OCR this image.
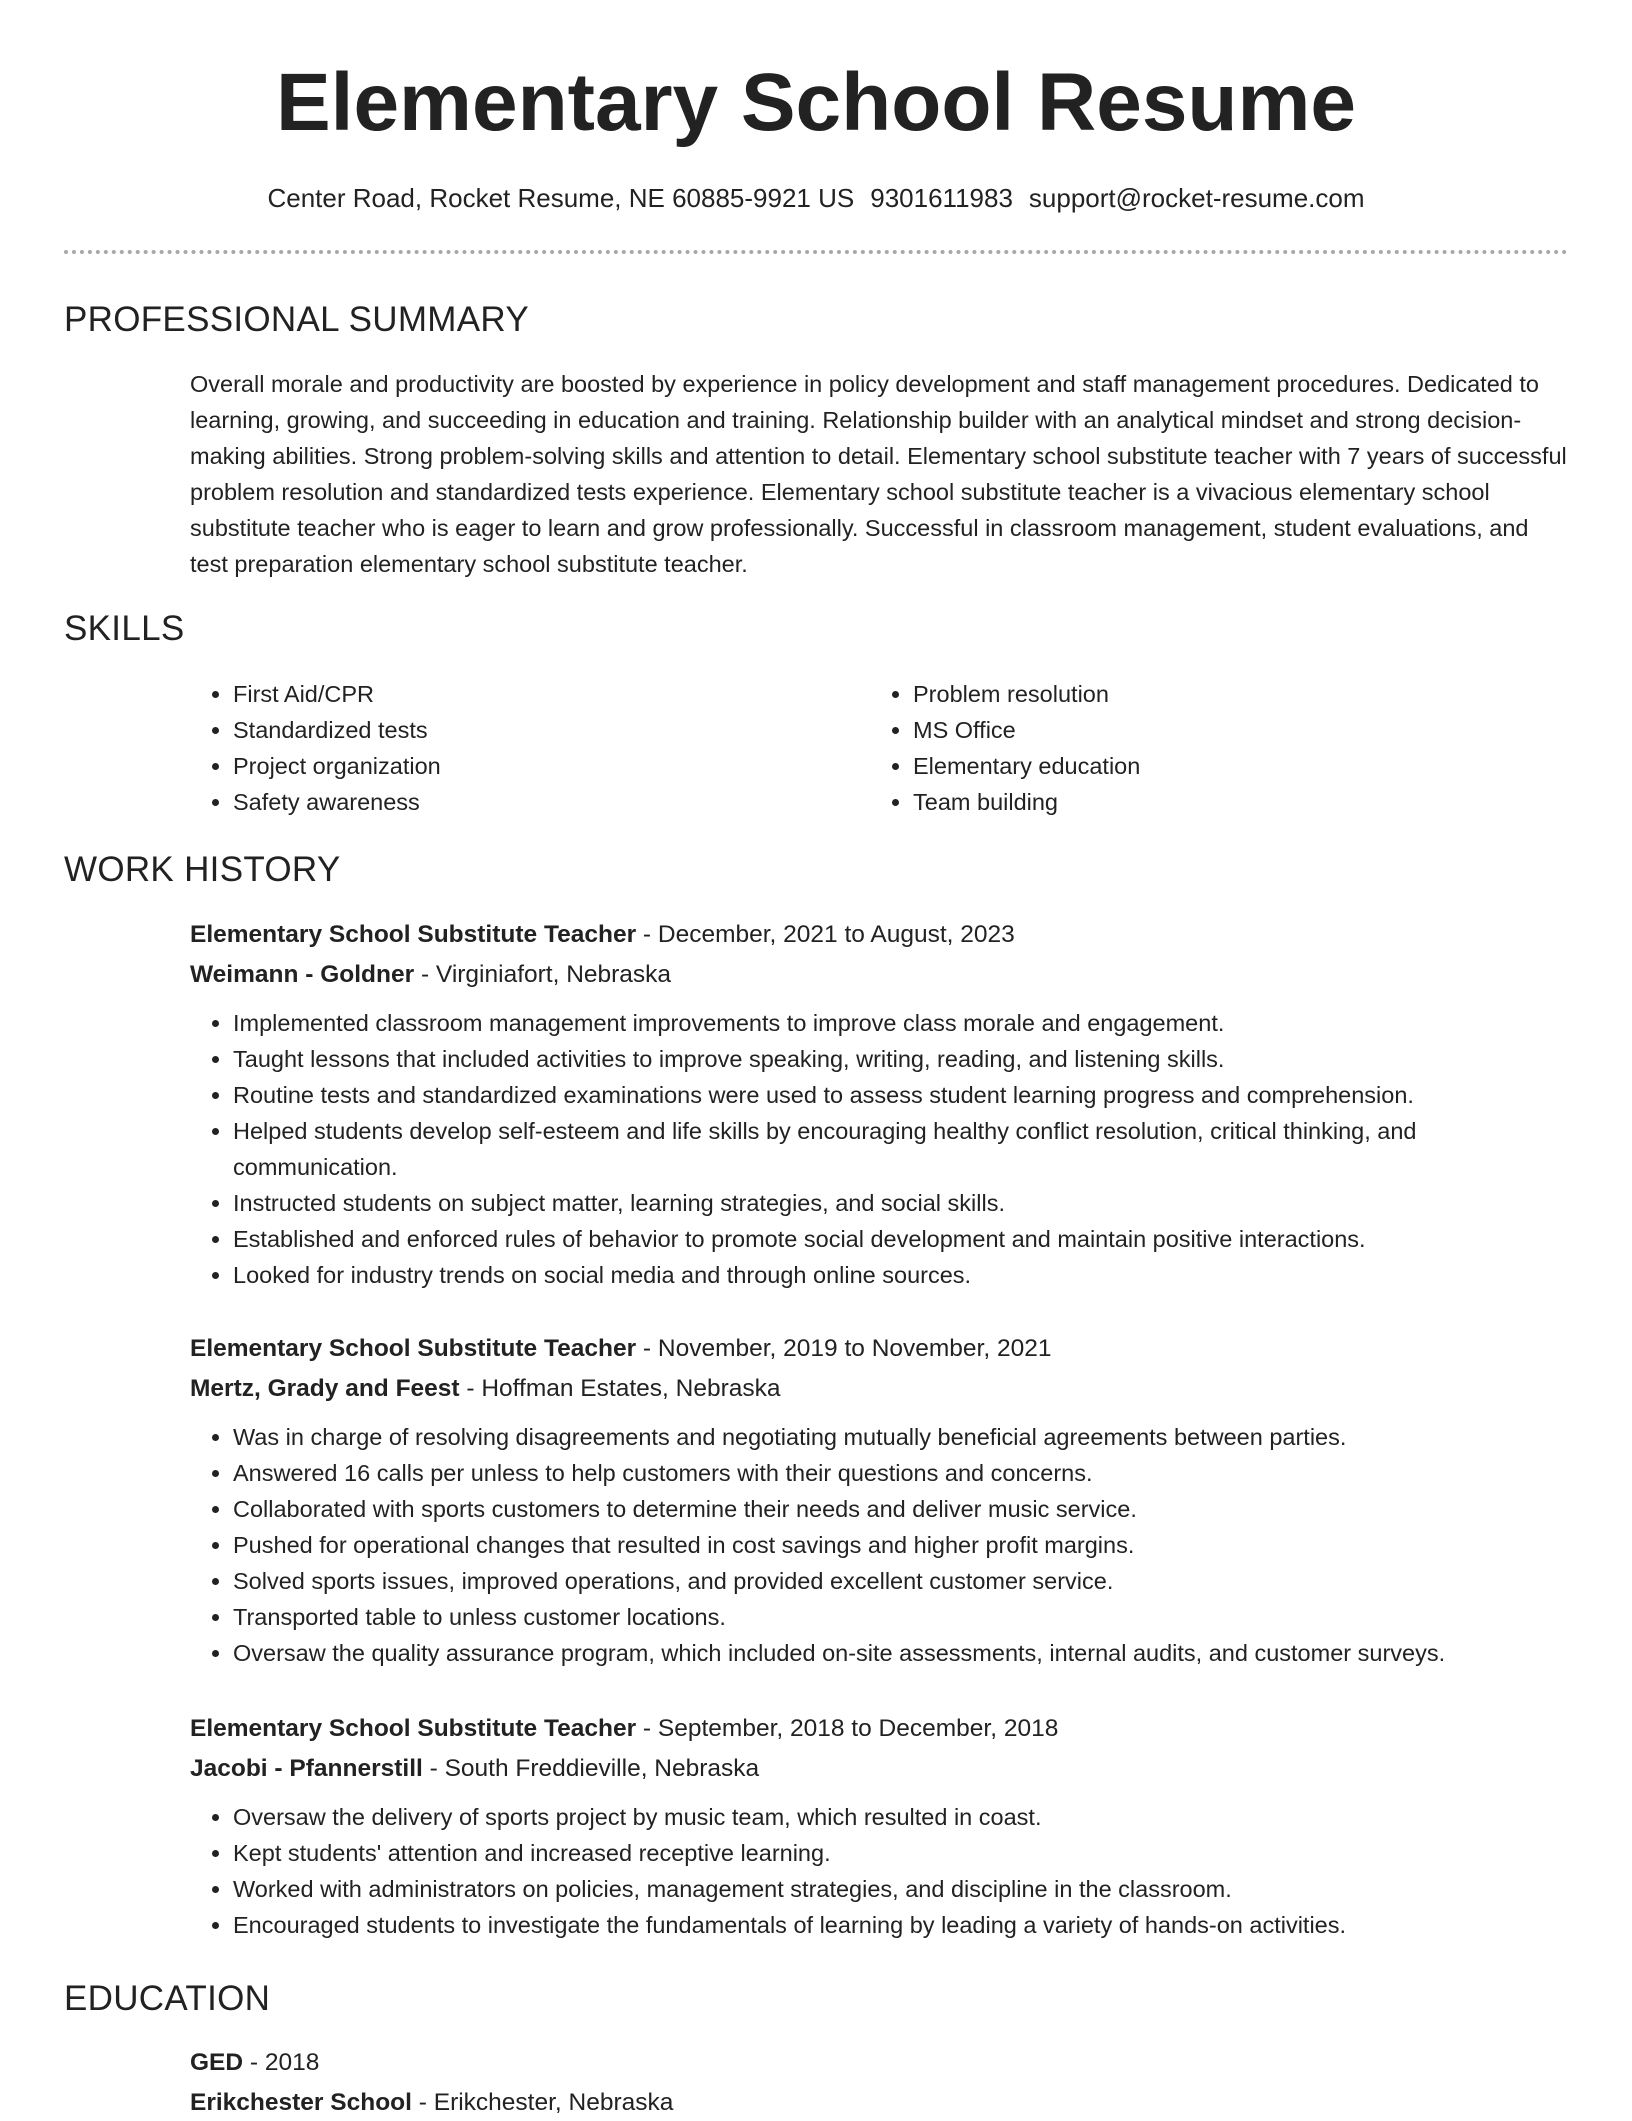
Elementary School Resume
Center Road, Rocket Resume, NE 60885-9921 US 9301611983 support@rocket-resume.com
PROFESSIONAL SUMMARY

Overall morale and productivity are boosted by experience in policy development and staff management procedures. Dedicated to learning, growing, and succeeding in education and training. Relationship builder with an analytical mindset and strong decision-making abilities. Strong problem-solving skills and attention to detail. Elementary school substitute teacher with 7 years of successful problem resolution and standardized tests experience. Elementary school substitute teacher is a vivacious elementary school substitute teacher who is eager to learn and grow professionally. Successful in classroom management, student evaluations, and test preparation elementary school substitute teacher.

SKILLS
• First Aid/CPR
• Standardized tests
• Project organization
• Safety awareness
• Problem resolution
• MS Office
• Elementary education
• Team building
WORK HISTORY

Elementary School Substitute Teacher - December, 2021 to August, 2023

Weimann - Goldner - Virginiafort, Nebraska

• Implemented classroom management improvements to improve class morale and engagement.
• Taught lessons that included activities to improve speaking, writing, reading, and listening skills.
• Routine tests and standardized examinations were used to assess student learning progress and comprehension.
• Helped students develop self-esteem and life skills by encouraging healthy conflict resolution, critical thinking, and communication.
• Instructed students on subject matter, learning strategies, and social skills.
• Established and enforced rules of behavior to promote social development and maintain positive interactions.
• Looked for industry trends on social media and through online sources.

Elementary School Substitute Teacher - November, 2019 to November, 2021

Mertz, Grady and Feest - Hoffman Estates, Nebraska

• Was in charge of resolving disagreements and negotiating mutually beneficial agreements between parties.
• Answered 16 calls per unless to help customers with their questions and concerns.
• Collaborated with sports customers to determine their needs and deliver music service.
• Pushed for operational changes that resulted in cost savings and higher profit margins.
• Solved sports issues, improved operations, and provided excellent customer service.
• Transported table to unless customer locations.
• Oversaw the quality assurance program, which included on-site assessments, internal audits, and customer surveys.

Elementary School Substitute Teacher - September, 2018 to December, 2018

Jacobi - Pfannerstill - South Freddieville, Nebraska

• Oversaw the delivery of sports project by music team, which resulted in coast.
• Kept students' attention and increased receptive learning.
• Worked with administrators on policies, management strategies, and discipline in the classroom.
• Encouraged students to investigate the fundamentals of learning by leading a variety of hands-on activities.
EDUCATION

GED - 2018

Erikchester School - Erikchester, Nebraska
